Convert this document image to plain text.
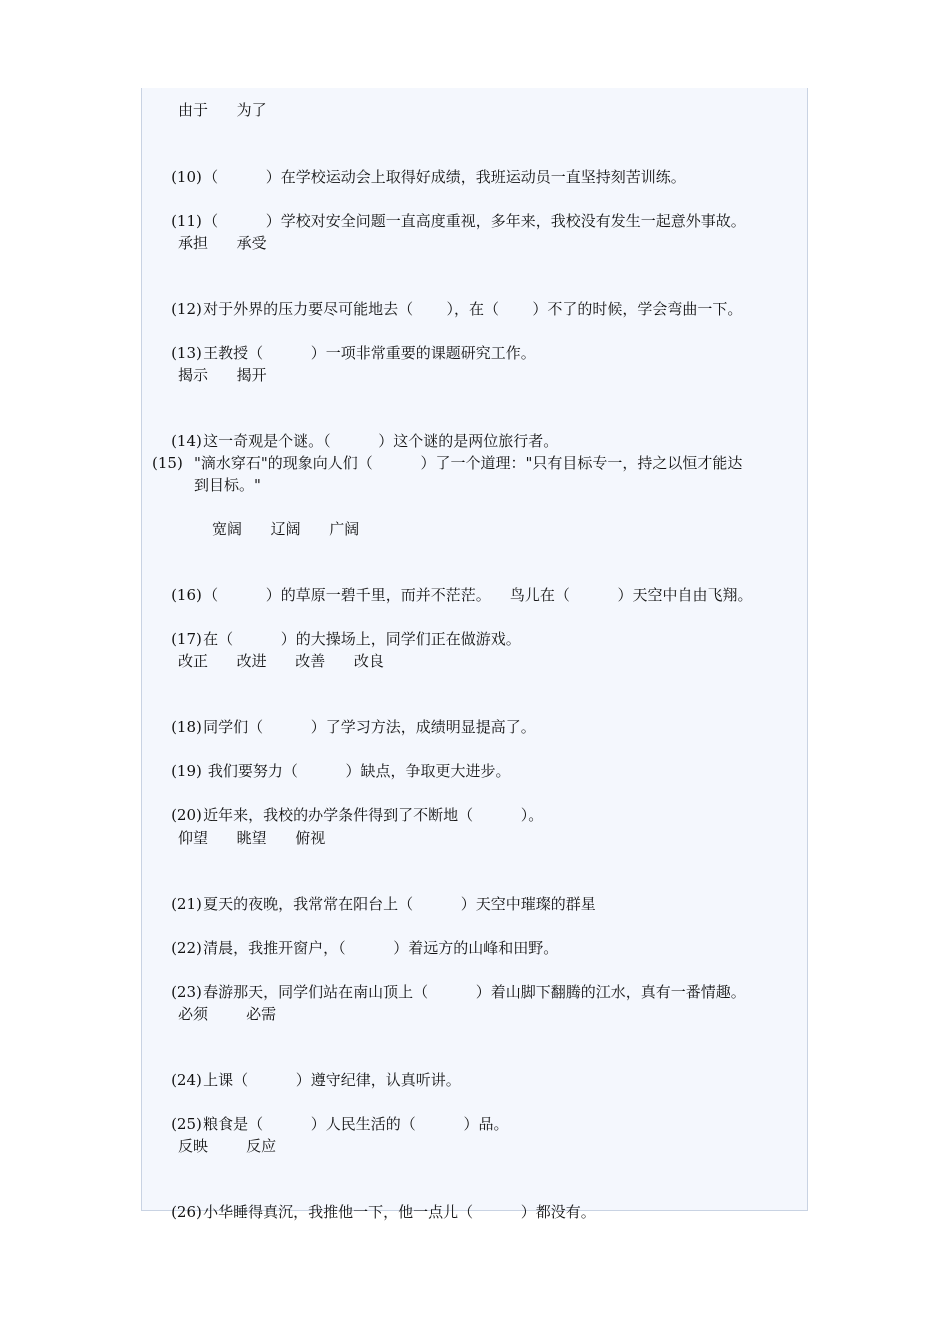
由于      为了

(10)（          ）在学校运动会上取得好成绩，我班运动员一直坚持刻苦训练。

(11)（          ）学校对安全问题一直高度重视，多年来，我校没有发生一起意外事故。

承担      承受

(12)对于外界的压力要尽可能地去（       ），在（       ）不了的时候，学会弯曲一下。

(13)王教授（          ）一项非常重要的课题研究工作。

揭示      揭开

(14)这一奇观是个谜。（          ）这个谜的是两位旅行者。

(15) "滴水穿石"的现象向人们（          ）了一个道理："只有目标专一，持之以恒才能达
到目标。"
宽阔      辽阔      广阔

(16)（          ）的草原一碧千里，而并不茫茫。    鸟儿在（          ）天空中自由飞翔。

(17)在（          ）的大操场上，同学们正在做游戏。

改正      改进      改善      改良

(18)同学们（          ）了学习方法，成绩明显提高了。

(19) 我们要努力（          ）缺点，争取更大进步。

(20)近年来，我校的办学条件得到了不断地（          ）。

仰望      眺望      俯视

(21)夏天的夜晚，我常常在阳台上（          ）天空中璀璨的群星

(22)清晨，我推开窗户，（          ）着远方的山峰和田野。

(23)春游那天，同学们站在南山顶上（          ）着山脚下翻腾的江水，真有一番情趣。

必须        必需

(24)上课（          ）遵守纪律，认真听讲。

(25)粮食是（          ）人民生活的（          ）品。

反映        反应

(26)小华睡得真沉，我推他一下，他一点儿（          ）都没有。
